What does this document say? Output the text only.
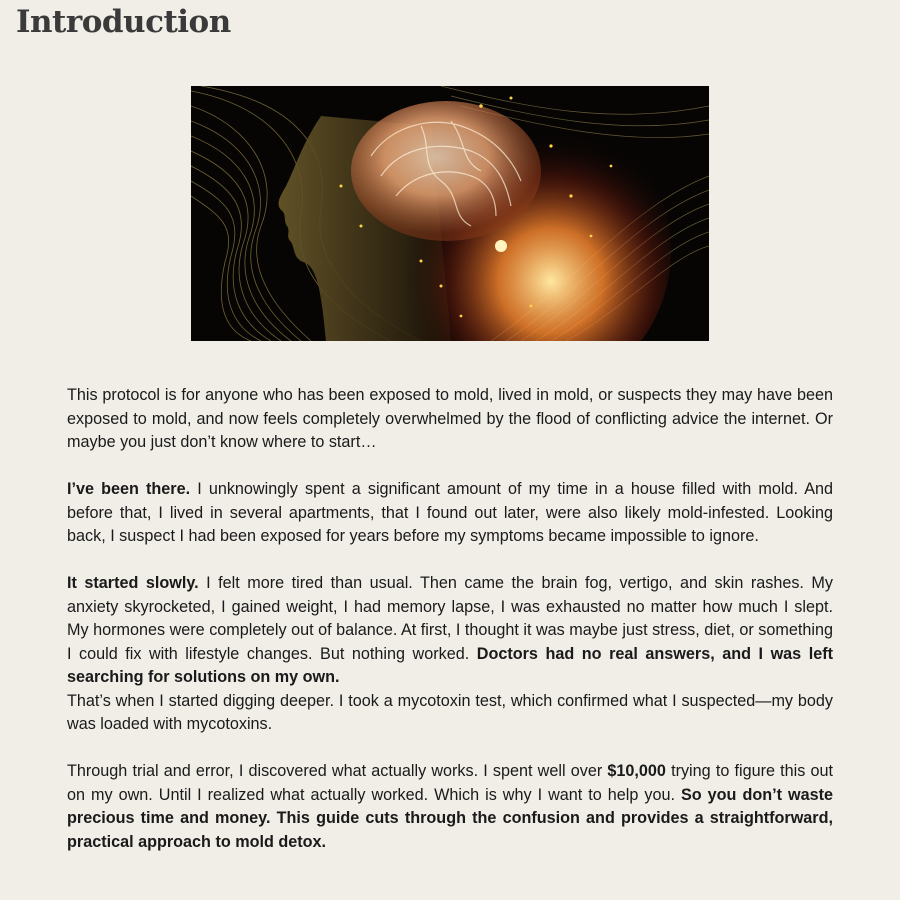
Introduction

This protocol is for anyone who has been exposed to mold, lived in mold, or suspects they may have been exposed to mold, and now feels completely overwhelmed by the flood of conflicting advice the internet. Or maybe you just don’t know where to start…

I’ve been there. I unknowingly spent a significant amount of my time in a house filled with mold. And before that, I lived in several apartments, that I found out later, were also likely mold-infested. Looking back, I suspect I had been exposed for years before my symptoms became impossible to ignore.

It started slowly. I felt more tired than usual. Then came the brain fog, vertigo, and skin rashes. My anxiety skyrocketed, I gained weight, I had memory lapse, I was exhausted no matter how much I slept. My hormones were completely out of balance. At first, I thought it was maybe just stress, diet, or something I could fix with lifestyle changes. But nothing worked. Doctors had no real answers, and I was left searching for solutions on my own.

That’s when I started digging deeper. I took a mycotoxin test, which confirmed what I suspected—my body was loaded with mycotoxins.

Through trial and error, I discovered what actually works. I spent well over $10,000 trying to figure this out on my own. Until I realized what actually worked. Which is why I want to help you. So you don’t waste precious time and money. This guide cuts through the confusion and provides a straightforward, practical approach to mold detox.
